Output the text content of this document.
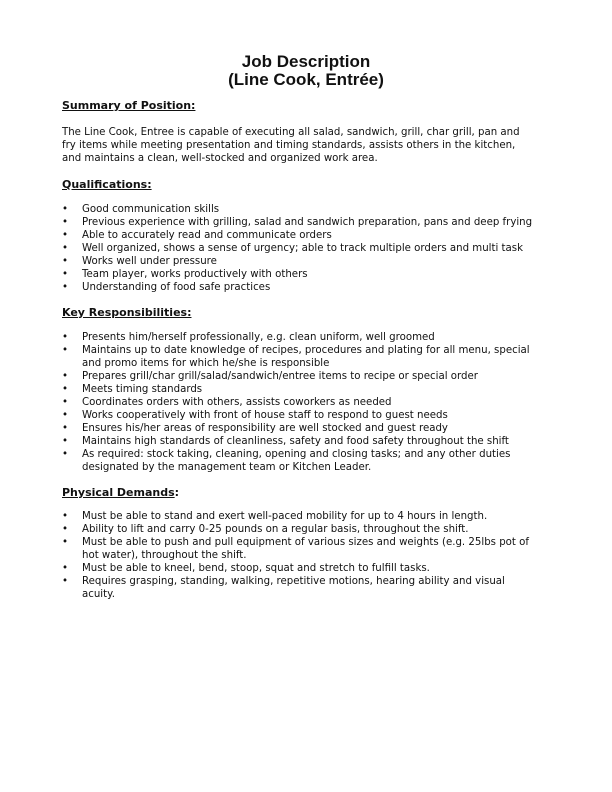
Job Description
(Line Cook, Entrée)
Summary of Position:
The Line Cook, Entree is capable of executing all salad, sandwich, grill, char grill, pan and
fry items while meeting presentation and timing standards, assists others in the kitchen,
and maintains a clean, well-stocked and organized work area.
Qualifications:
• Good communication skills
• Previous experience with grilling, salad and sandwich preparation, pans and deep frying
• Able to accurately read and communicate orders
• Well organized, shows a sense of urgency; able to track multiple orders and multi task
• Works well under pressure
• Team player, works productively with others
• Understanding of food safe practices
Key Responsibilities:
• Presents him/herself professionally, e.g. clean uniform, well groomed
• Maintains up to date knowledge of recipes, procedures and plating for all menu, special
and promo items for which he/she is responsible
• Prepares grill/char grill/salad/sandwich/entree items to recipe or special order
• Meets timing standards
• Coordinates orders with others, assists coworkers as needed
• Works cooperatively with front of house staff to respond to guest needs
• Ensures his/her areas of responsibility are well stocked and guest ready
• Maintains high standards of cleanliness, safety and food safety throughout the shift
• As required: stock taking, cleaning, opening and closing tasks; and any other duties
designated by the management team or Kitchen Leader.
Physical Demands:
• Must be able to stand and exert well-paced mobility for up to 4 hours in length.
• Ability to lift and carry 0-25 pounds on a regular basis, throughout the shift.
• Must be able to push and pull equipment of various sizes and weights (e.g. 25lbs pot of
hot water), throughout the shift.
• Must be able to kneel, bend, stoop, squat and stretch to fulfill tasks.
• Requires grasping, standing, walking, repetitive motions, hearing ability and visual
acuity.
